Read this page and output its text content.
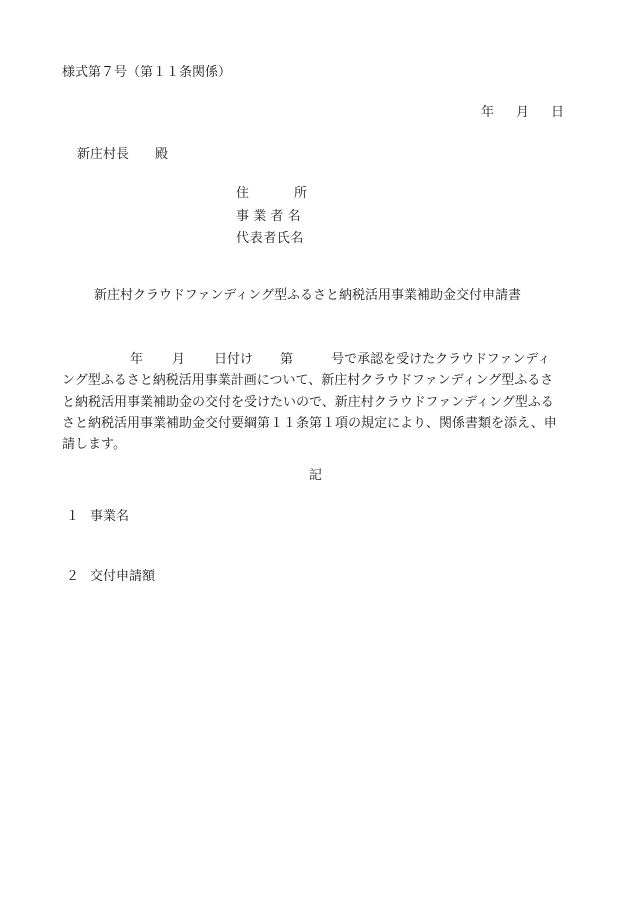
様式第７号（第１１条関係）
年 月 日
新庄村長 殿
住所
事業者名
代表者氏名
新庄村クラウドファンディング型ふるさと納税活用事業補助金交付申請書
年 月 日付け 第	号で承認を受けたクラウドファンディ
ング型ふるさと納税活用事業計画について、新庄村クラウドファンディング型ふるさ
と納税活用事業補助金の交付を受けたいので、新庄村クラウドファンディング型ふる
さと納税活用事業補助金交付要綱第１１条第１項の規定により、関係書類を添え、申
請します。
記
１ 事業名
２ 交付申請額
